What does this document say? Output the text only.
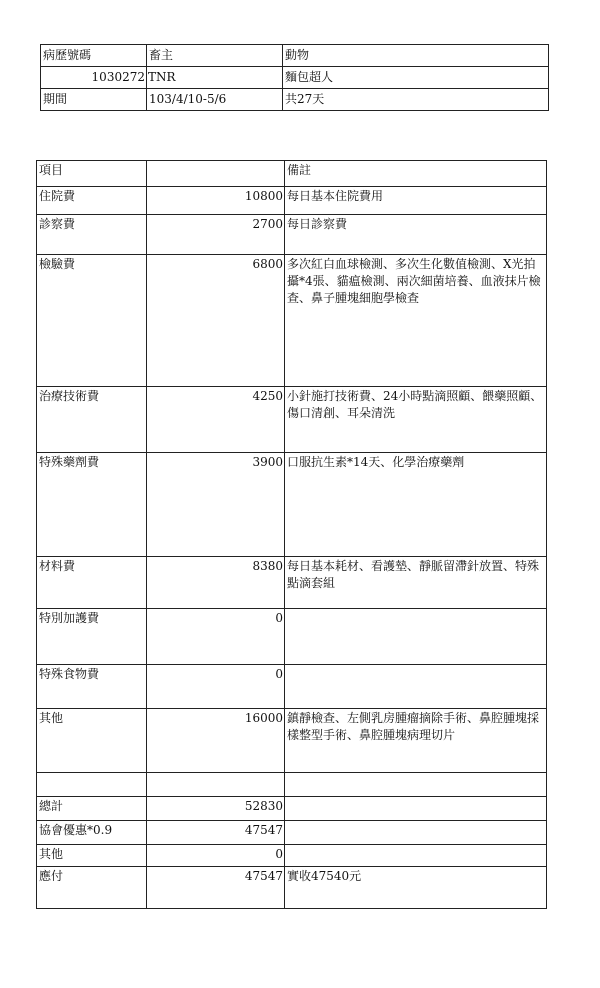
病歷號碼	畜主	動物
1030272	TNR	麵包超人
期間	103/4/10-5/6	共27天
項目		備註
住院費	10800	每日基本住院費用
診察費	2700	每日診察費
檢驗費	6800	多次紅白血球檢測、多次生化數值檢測、X光拍攝*4張、貓瘟檢測、兩次細菌培養、血液抹片檢查、鼻子腫塊細胞學檢查
治療技術費	4250	小針施打技術費、24小時點滴照顧、餵藥照顧、傷口清創、耳朵清洗
特殊藥劑費	3900	口服抗生素*14天、化學治療藥劑
材料費	8380	每日基本耗材、看護墊、靜脈留滯針放置、特殊點滴套組
特別加護費	0	
特殊食物費	0	
其他	16000	鎮靜檢查、左側乳房腫瘤摘除手術、鼻腔腫塊採樣整型手術、鼻腔腫塊病理切片

總計	52830	
協會優惠*0.9	47547	
其他	0	
應付	47547	實收47540元
